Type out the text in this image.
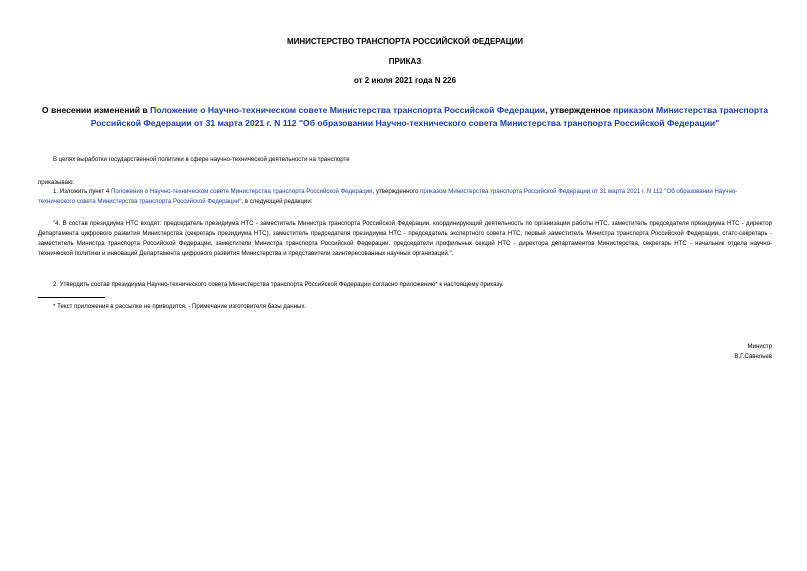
МИНИСТЕРСТВО ТРАНСПОРТА РОССИЙСКОЙ ФЕДЕРАЦИИ
ПРИКАЗ
от 2 июля 2021 года N 226
О внесении изменений в Положение о Научно-техническом совете Министерства транспорта Российской Федерации, утвержденное приказом Министерства транспорта Российской Федерации от 31 марта 2021 г. N 112 "Об образовании Научно-технического совета Министерства транспорта Российской Федерации"
В целях выработки государственной политики в сфере научно-технической деятельности на транспорте
приказываю:
1. Изложить пункт 4 Положения о Научно-техническом совете Министерства транспорта Российской Федерации, утвержденного приказом Министерства транспорта Российской Федерации от 31 марта 2021 г. N 112 "Об образовании Научно-технического совета Министерства транспорта Российской Федерации", в следующей редакции:
"4. В состав президиума НТС входят: председатель президиума НТС - заместитель Министра транспорта Российской Федерации, координирующий деятельность по организации работы НТС, заместитель председателя президиума НТС - директор Департамента цифрового развития Министерства (секретарь президиума НТС), заместитель председателя президиума НТС - председатель экспертного совета НТС, первый заместитель Министра транспорта Российской Федерации, статс-секретарь - заместитель Министра транспорта Российской Федерации, заместители Министра транспорта Российской Федерации, председатели профильных секций НТС - директора департаментов Министерства, секретарь НТС - начальник отдела научно-технической политики и инноваций Департамента цифрового развития Министерства и представители заинтересованных научных организаций.".
2. Утвердить состав президиума Научно-технического совета Министерства транспорта Российской Федерации согласно приложению* к настоящему приказу.
* Текст приложения в рассылке не приводится. - Примечание изготовителя базы данных.
Министр
В.Г.Савельев
